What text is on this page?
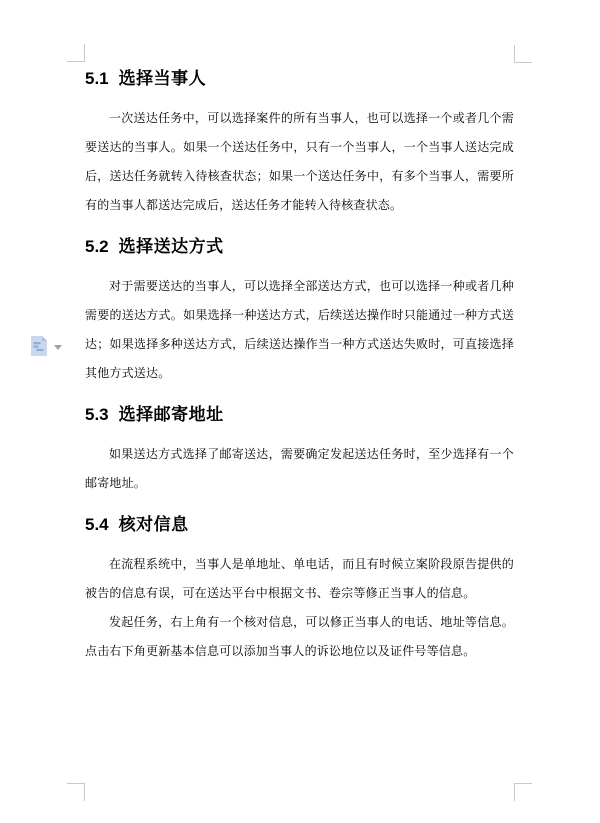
5.1 选择当事人

一次送达任务中，可以选择案件的所有当事人，也可以选择一个或者几个需要送达的当事人。如果一个送达任务中，只有一个当事人，一个当事人送达完成后，送达任务就转入待核查状态；如果一个送达任务中，有多个当事人，需要所有的当事人都送达完成后，送达任务才能转入待核查状态。

5.2 选择送达方式

对于需要送达的当事人，可以选择全部送达方式，也可以选择一种或者几种需要的送达方式。如果选择一种送达方式，后续送达操作时只能通过一种方式送达；如果选择多种送达方式，后续送达操作当一种方式送达失败时，可直接选择其他方式送达。

5.3 选择邮寄地址

如果送达方式选择了邮寄送达，需要确定发起送达任务时，至少选择有一个邮寄地址。

5.4 核对信息

在流程系统中，当事人是单地址、单电话，而且有时候立案阶段原告提供的被告的信息有误，可在送达平台中根据文书、卷宗等修正当事人的信息。

发起任务，右上角有一个核对信息，可以修正当事人的电话、地址等信息。点击右下角更新基本信息可以添加当事人的诉讼地位以及证件号等信息。
